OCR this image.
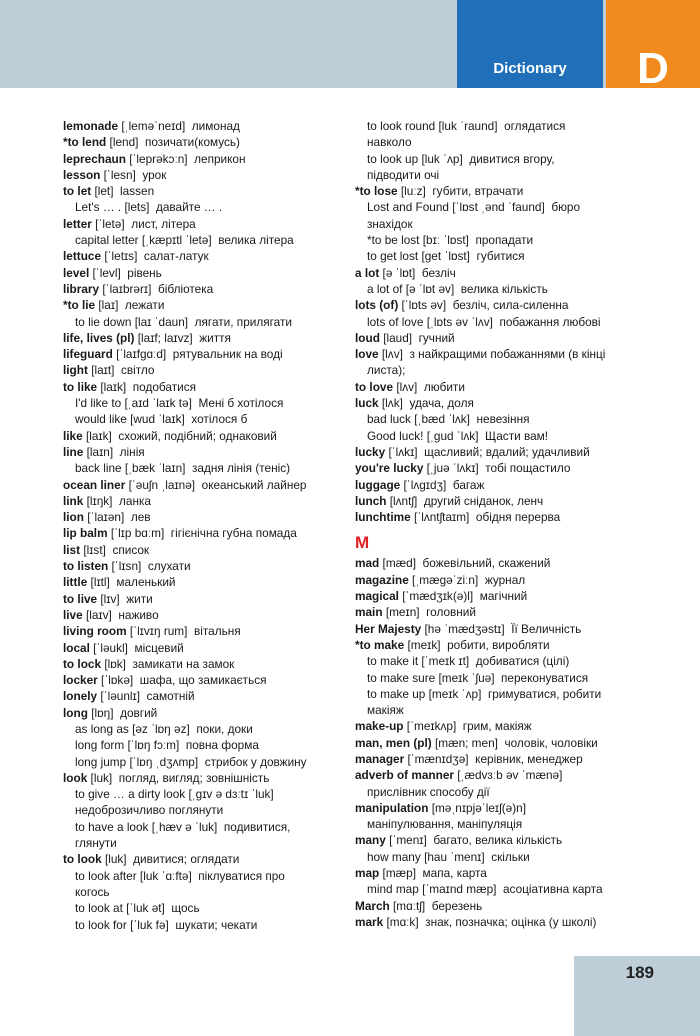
Dictionary	D
lemonade [ˌleməˈneɪd] лимонад
*to lend [lend] позичати(комусь)
leprechaun [ˈleprəkɔːn] леприкон
lesson [ˈlesn] урок
to let [let] lassen
Let's … . [lets] давайте … .
letter [ˈletə] лист, літера
capital letter [ˌkæpɪtl ˈletə] велика літера
lettuce [ˈletɪs] салат-латук
level [ˈlevl] рівень
library [ˈlaɪbrərɪ] бібліотека
*to lie [laɪ] лежати
to lie down [laɪ ˈdaun] лягати, прилягати
life, lives (pl) [laɪf; laɪvz] життя
lifeguard [ˈlaɪfɡɑːd] рятувальник на воді
light [laɪt] світло
to like [laɪk] подобатися
I'd like to [ˌaɪd ˈlaɪk tə] Мені б хотілося
would like [wud ˈlaɪk] хотілося б
like [laɪk] схожий, подібний; однаковий
line [laɪn] лінія
back line [ˌbæk ˈlaɪn] задня лінія (теніс)
ocean liner [ˈəuʃn ˌlaɪnə] океанський лайнер
link [lɪŋk] ланка
lion [ˈlaɪən] лев
lip balm [ˈlɪp bɑːm] гігієнічна губна помада
list [lɪst] список
to listen [ˈlɪsn] слухати
little [lɪtl] маленький
to live [lɪv] жити
live [laɪv] наживо
living room [ˈlɪvɪŋ rum] вітальня
local [ˈləukl] місцевий
to lock [lɒk] замикати на замок
locker [ˈlɒkə] шафа, що замикається
lonely [ˈləunlɪ] самотній
long [lɒŋ] довгий
as long as [əz ˈlɒŋ əz] поки, доки
long form [ˈlɒŋ fɔːm] повна форма
long jump [ˈlɒŋ ˌdʒʌmp] стрибок у довжину
look [luk] погляд, вигляд; зовнішність
to give … a dirty look [ˌɡɪv ə dɜːtɪ ˈluk]
недоброзичливо поглянути
to have a look [ˌhæv ə ˈluk] подивитися,
глянути
to look [luk] дивитися; оглядати
to look after [luk ˈɑːftə] піклуватися про
когось
to look at [ˈluk ət] щось
to look for [ˈluk fə] шукати; чекати
to look round [luk ˈraund] оглядатися
навколо
to look up [luk ˈʌp] дивитися вгору,
підводити очі
*to lose [luːz] губити, втрачати
Lost and Found [ˈlɒst ˌənd ˈfaund] бюро
знахідок
*to be lost [bɪː ˈlɒst] пропадати
to get lost [ɡet ˈlɒst] губитися
a lot [ə ˈlɒt] безліч
a lot of [ə ˈlɒt əv] велика кількість
lots (of) [ˈlɒts əv] безліч, сила-силенна
lots of love [ˌlɒts əv ˈlʌv] побажання любові
loud [laud] гучний
love [lʌv] з найкращими побажаннями (в кінці
листа);
to love [lʌv] любити
luck [lʌk] удача, доля
bad luck [ˌbæd ˈlʌk] невезіння
Good luck! [ˌɡud ˈlʌk] Щасти вам!
lucky [ˈlʌkɪ] щасливий; вдалий; удачливий
you're lucky [ˌjuə ˈlʌkɪ] тобі пощастило
luggage [ˈlʌɡɪdʒ] багаж
lunch [lʌntʃ] другий сніданок, ленч
lunchtime [ˈlʌntʃtaɪm] обідня перерва
M
mad [mæd] божевільний, скажений
magazine [ˌmæɡəˈziːn] журнал
magical [ˈmædʒɪk(ə)l] магічний
main [meɪn] головний
Her Majesty [hə ˈmædʒəstɪ] Її Величність
*to make [meɪk] робити, виробляти
to make it [ˈmeɪk ɪt] добиватися (цілі)
to make sure [meɪk ˈʃuə] переконуватися
to make up [meɪk ˈʌp] гримуватися, робити
макіяж
make-up [ˈmeɪkʌp] грим, макіяж
man, men (pl) [mæn; men] чоловік, чоловіки
manager [ˈmænɪdʒə] керівник, менеджер
adverb of manner [ˌædvɜːb əv ˈmænə]
прислівник способу дії
manipulation [məˌnɪpjəˈleɪʃ(ə)n]
маніпулювання, маніпуляція
many [ˈmenɪ] багато, велика кількість
how many [hau ˈmenɪ] скільки
map [mæp] мапа, карта
mind map [ˈmaɪnd mæp] асоціативна карта
March [mɑːtʃ] березень
mark [mɑːk] знак, позначка; оцінка (у школі)
189
